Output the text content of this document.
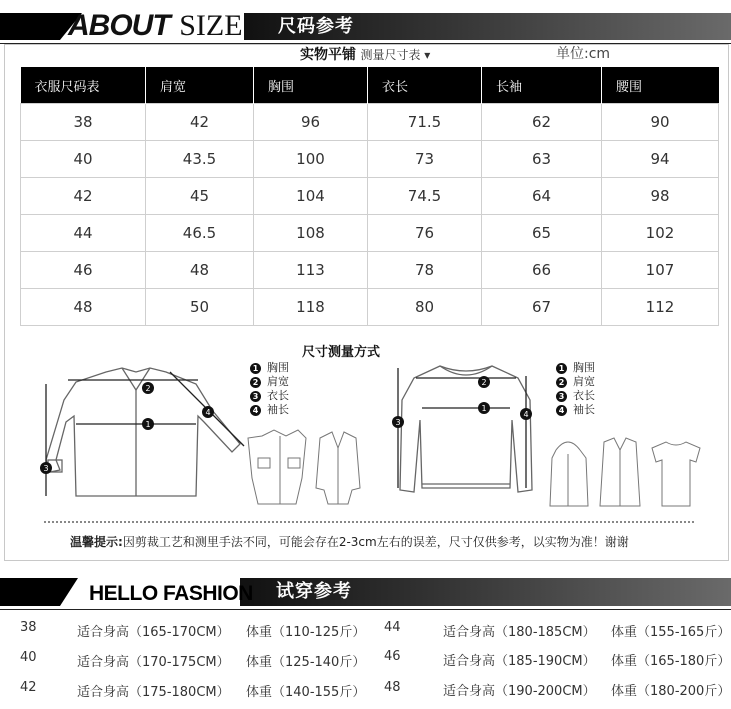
ABOUT SIZE 尺码参考
实物平铺 测量尺寸表 ▾	单位:cm
衣服尺码表	肩宽	胸围	衣长	长袖	腰围
38	42	96	71.5	62	90
40	43.5	100	73	63	94
42	45	104	74.5	64	98
44	46.5	108	76	65	102
46	48	113	78	66	107
48	50	118	80	67	112
尺寸测量方式
2
1
3
4
1 胸围
2 肩宽
3 衣长
4 袖长
2
1
3
4
1 胸围
2 肩宽
3 衣长
4 袖长
温馨提示:因剪裁工艺和测里手法不同，可能会存在2-3cm左右的误差，尺寸仅供参考，以实物为准！谢谢
HELLO FASHION 试穿参考
38	适合身高（165-170CM） 体重（110-125斤） 44	适合身高（180-185CM） 体重（155-165斤）
40	适合身高（170-175CM） 体重（125-140斤） 46	适合身高（185-190CM） 体重（165-180斤）
42	适合身高（175-180CM） 体重（140-155斤） 48	适合身高（190-200CM） 体重（180-200斤）
